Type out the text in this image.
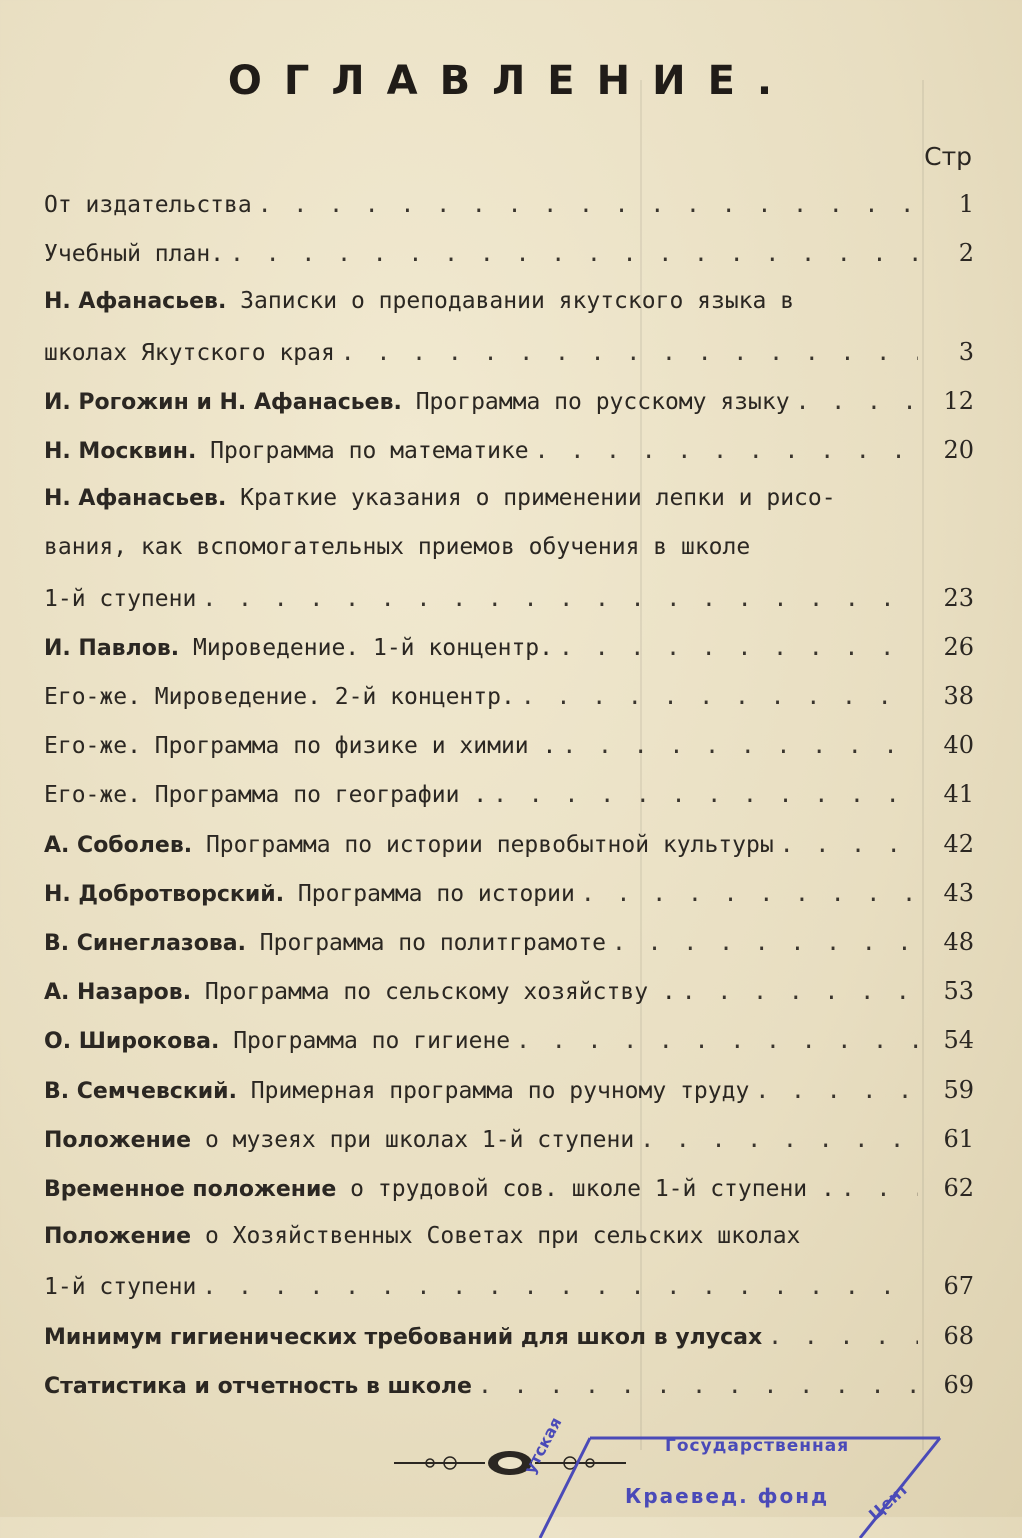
ОГЛАВЛЕНИЕ.
Стр
От издательства . . .	1
Учебный план. . . .	2
Н. Афанасьев. Записки о преподавании якутского языка в
школах Якутского края . . .	3
И. Рогожин и Н. Афанасьев. Программа по русскому языку . . .	12
Н. Москвин. Программа по математике . . .	20
Н. Афанасьев. Краткие указания о применении лепки и рисо-
вания, как вспомогательных приемов обучения в школе
1-й ступени . . .	23
И. Павлов. Мироведение. 1-й концентр. . . .	26
Его-же. Мироведение. 2-й концентр. . . .	38
Его-же. Программа по физике и химии . . . .	40
Его-же. Программа по географии . . . .	41
А. Соболев. Программа по истории первобытной культуры . . .	42
Н. Добротворский. Программа по истории . . .	43
В. Синеглазова. Программа по политграмоте . . .	48
А. Назаров. Программа по сельскому хозяйству . . . .	53
О. Широкова. Программа по гигиене . . .	54
В. Семчевский. Примерная программа по ручному труду . . .	59
Положение о музеях при школах 1-й ступени . . .	61
Временное положение о трудовой сов. школе 1-й ступени . . . .	62
Положение о Хозяйственных Советах при сельских школах
1-й ступени . . .	67
Минимум гигиенических требований для школ в улусах . . .	68
Статистика и отчетность в школе . . .	69
Государственная
Краевед. фонд
утская
Цент
